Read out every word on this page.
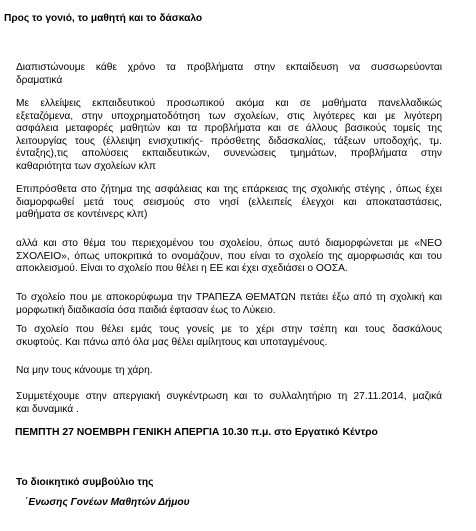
Προς το γονιό, το μαθητή και το δάσκαλο
Διαπιστώνουμε κάθε χρόνο τα προβλήματα στην εκπαίδευση να συσσωρεύονται
δραματικά
Με ελλείψεις εκπαιδευτικού προσωπικού ακόμα και σε μαθήματα πανελλαδικώς
εξεταζόμενα, στην υποχρηματοδότηση των σχολείων, στις λιγότερες και με λιγότερη
ασφάλεια μεταφορές μαθητών και τα προβλήματα και σε άλλους βασικούς τομείς της
λειτουργίας τους (έλλειψη ενισχυτικής- πρόσθετης διδασκαλίας, τάξεων υποδοχής, τμ.
ένταξης),τις απολύσεις εκπαιδευτικών, συνενώσεις τμημάτων, προβλήματα στην
καθαριότητα των σχολείων κλπ
Επιπρόσθετα στο ζήτημα της ασφάλειας και της επάρκειας της σχολικής στέγης , όπως έχει
διαμορφωθεί μετά τους σεισμούς στο νησί (ελλειπείς έλεγχοι και αποκαταστάσεις,
μαθήματα σε κοντέινερς κλπ)
αλλά και στο θέμα του περιεχομένου του σχολείου, όπως αυτό διαμορφώνεται με «ΝΕΟ
ΣΧΟΛΕΙΟ», όπως υποκριτικά το ονομάζουν, που είναι το σχολείο της αμορφωσιάς και του
αποκλεισμού. Είναι το σχολείο που θέλει η ΕΕ και έχει σχεδιάσει ο ΟΟΣΑ.
Το σχολείο που με αποκορύφωμα την ΤΡΑΠΕΖΑ ΘΕΜΑΤΩΝ πετάει έξω από τη σχολική και
μορφωτική διαδικασία όσα παιδιά έφτασαν έως το Λύκειο.
Το σχολείο που θέλει εμάς τους γονείς με το χέρι στην τσέπη και τους δασκάλους
σκυφτούς. Και πάνω από όλα μας θέλει αμίλητους και υποταγμένους.
Να μην τους κάνουμε τη χάρη.
Συμμετέχουμε στην απεργιακή συγκέντρωση και το συλλαλητήριο τη 27.11.2014, μαζικά
και δυναμικά .
ΠΕΜΠΤΗ 27 ΝΟΕΜΒΡΗ ΓΕΝΙΚΗ ΑΠΕΡΓΙΑ 10.30 π.μ. στο Εργατικό Κέντρο
Το διοικητικό συμβούλιο της
΄Ενωσης Γονέων Μαθητών Δήμου
